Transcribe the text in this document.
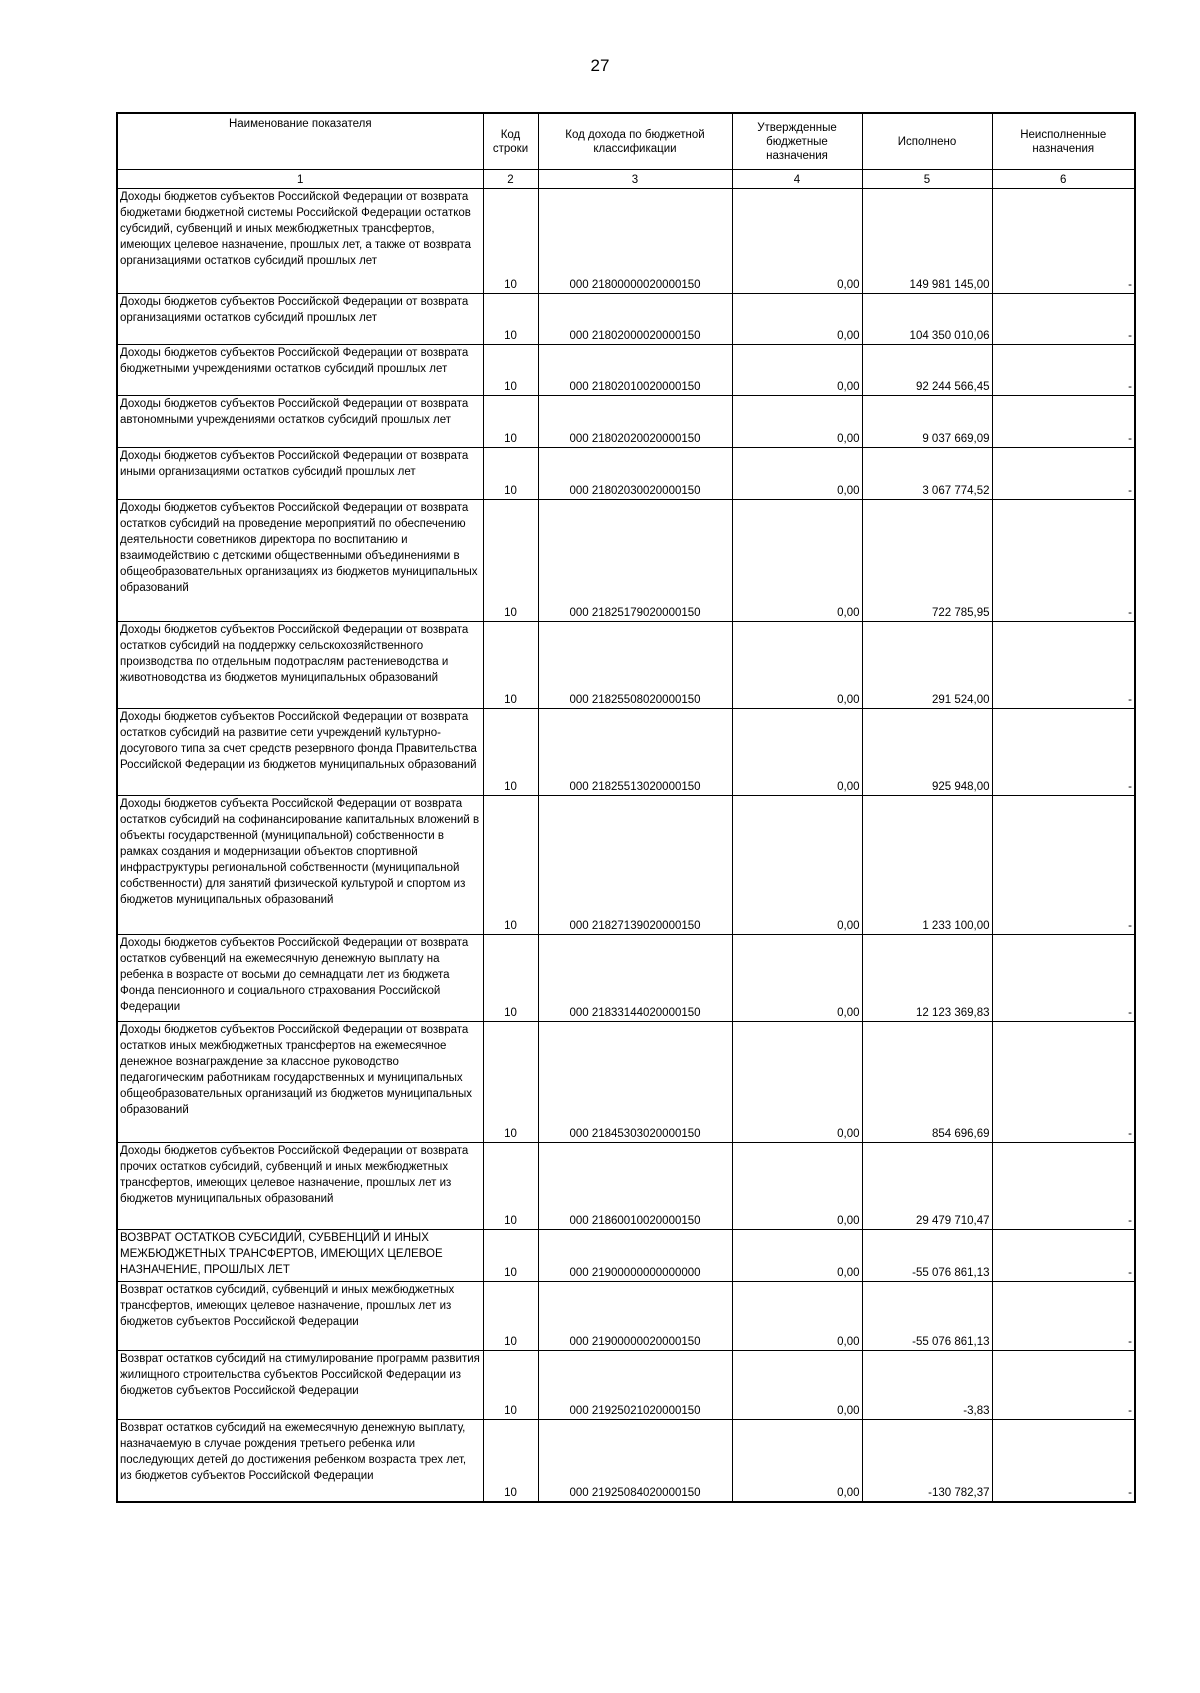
27
Наименование показателя	Код строки	Код дохода по бюджетной классификации	Утвержденные бюджетные назначения	Исполнено	Неисполненные назначения
1	2	3	4	5	6
Доходы бюджетов субъектов Российской Федерации от возврата бюджетами бюджетной системы Российской Федерации остатков субсидий, субвенций и иных межбюджетных трансфертов, имеющих целевое назначение, прошлых лет, а также от возврата организациями остатков субсидий прошлых лет	10	000 21800000020000150	0,00	149 981 145,00	-
Доходы бюджетов субъектов Российской Федерации от возврата организациями остатков субсидий прошлых лет	10	000 21802000020000150	0,00	104 350 010,06	-
Доходы бюджетов субъектов Российской Федерации от возврата бюджетными учреждениями остатков субсидий прошлых лет	10	000 21802010020000150	0,00	92 244 566,45	-
Доходы бюджетов субъектов Российской Федерации от возврата автономными учреждениями остатков субсидий прошлых лет	10	000 21802020020000150	0,00	9 037 669,09	-
Доходы бюджетов субъектов Российской Федерации от возврата иными организациями остатков субсидий прошлых лет	10	000 21802030020000150	0,00	3 067 774,52	-
Доходы бюджетов субъектов Российской Федерации от возврата остатков субсидий на проведение мероприятий по обеспечению деятельности советников директора по воспитанию и взаимодействию с детскими общественными объединениями в общеобразовательных организациях из бюджетов муниципальных образований	10	000 21825179020000150	0,00	722 785,95	-
Доходы бюджетов субъектов Российской Федерации от возврата остатков субсидий на поддержку сельскохозяйственного производства по отдельным подотраслям растениеводства и животноводства из бюджетов муниципальных образований	10	000 21825508020000150	0,00	291 524,00	-
Доходы бюджетов субъектов Российской Федерации от возврата остатков субсидий на развитие сети учреждений культурно-досугового типа за счет средств резервного фонда Правительства Российской Федерации из бюджетов муниципальных образований	10	000 21825513020000150	0,00	925 948,00	-
Доходы бюджетов субъекта Российской Федерации от возврата остатков субсидий на софинансирование капитальных вложений в объекты государственной (муниципальной) собственности в рамках создания и модернизации объектов спортивной инфраструктуры региональной собственности (муниципальной собственности) для занятий физической культурой и спортом из бюджетов муниципальных образований	10	000 21827139020000150	0,00	1 233 100,00	-
Доходы бюджетов субъектов Российской Федерации от возврата остатков субвенций на ежемесячную денежную выплату на ребенка в возрасте от восьми до семнадцати лет из бюджета Фонда пенсионного и социального страхования Российской Федерации	10	000 21833144020000150	0,00	12 123 369,83	-
Доходы бюджетов субъектов Российской Федерации от возврата остатков иных межбюджетных трансфертов на ежемесячное денежное вознаграждение за классное руководство педагогическим работникам государственных и муниципальных общеобразовательных организаций из бюджетов муниципальных образований	10	000 21845303020000150	0,00	854 696,69	-
Доходы бюджетов субъектов Российской Федерации от возврата прочих остатков субсидий, субвенций и иных межбюджетных трансфертов, имеющих целевое назначение, прошлых лет из бюджетов муниципальных образований	10	000 21860010020000150	0,00	29 479 710,47	-
ВОЗВРАТ ОСТАТКОВ СУБСИДИЙ, СУБВЕНЦИЙ И ИНЫХ МЕЖБЮДЖЕТНЫХ ТРАНСФЕРТОВ, ИМЕЮЩИХ ЦЕЛЕВОЕ НАЗНАЧЕНИЕ, ПРОШЛЫХ ЛЕТ	10	000 21900000000000000	0,00	-55 076 861,13	-
Возврат остатков субсидий, субвенций и иных межбюджетных трансфертов, имеющих целевое назначение, прошлых лет из бюджетов субъектов Российской Федерации	10	000 21900000020000150	0,00	-55 076 861,13	-
Возврат остатков субсидий на стимулирование программ развития жилищного строительства субъектов Российской Федерации из бюджетов субъектов Российской Федерации	10	000 21925021020000150	0,00	-3,83	-
Возврат остатков субсидий на ежемесячную денежную выплату, назначаемую в случае рождения третьего ребенка или последующих детей до достижения ребенком возраста трех лет, из бюджетов субъектов Российской Федерации	10	000 21925084020000150	0,00	-130 782,37	-
